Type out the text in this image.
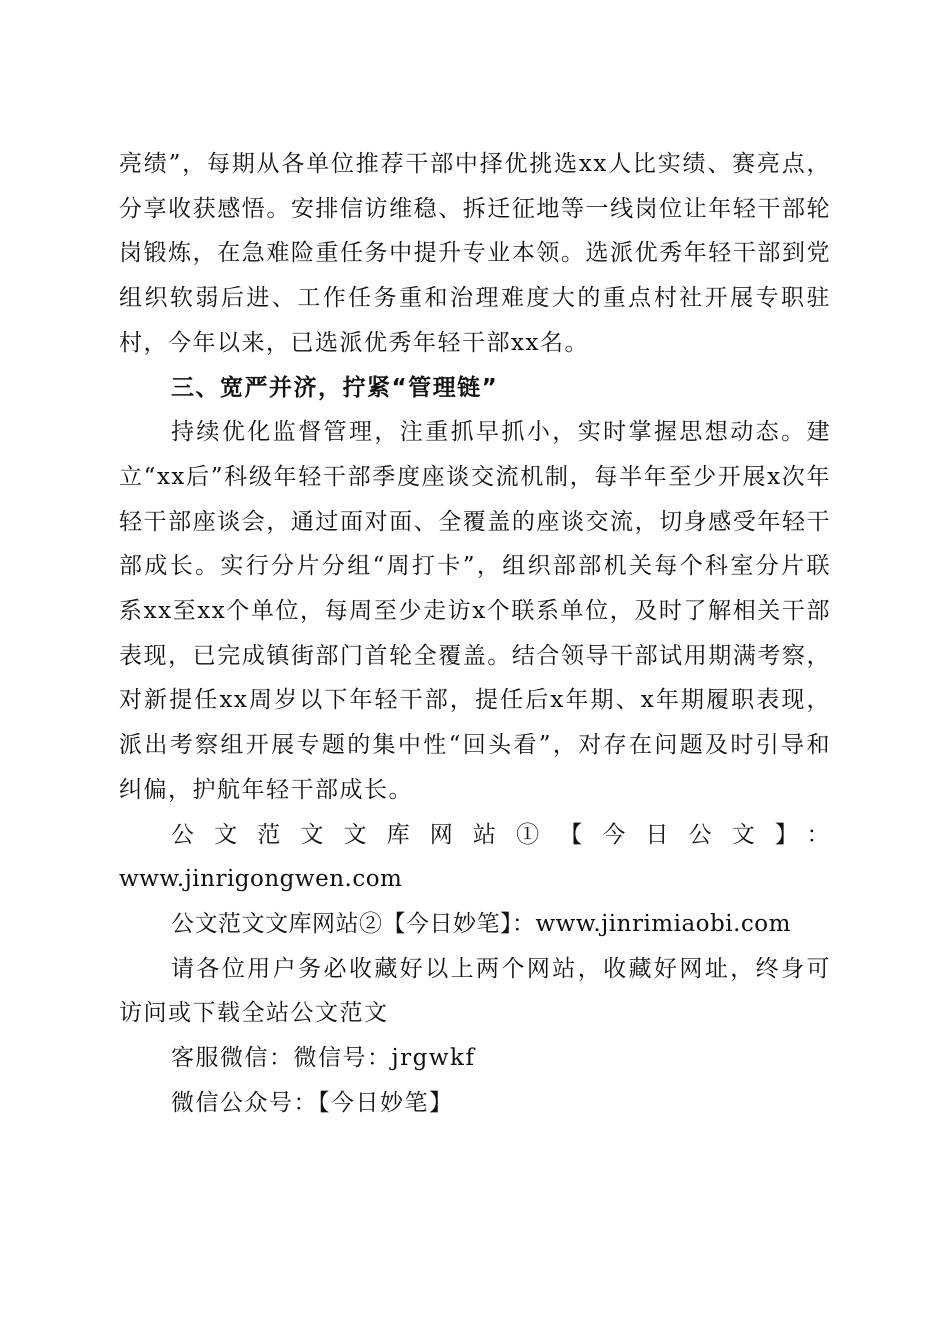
亮绩”，每期从各单位推荐干部中择优挑选xx人比实绩、赛亮点，分享收获感悟。安排信访维稳、拆迁征地等一线岗位让年轻干部轮岗锻炼，在急难险重任务中提升专业本领。选派优秀年轻干部到党组织软弱后进、工作任务重和治理难度大的重点村社开展专职驻村，今年以来，已选派优秀年轻干部xx名。

三、宽严并济，拧紧“管理链”

持续优化监督管理，注重抓早抓小，实时掌握思想动态。建立“xx后”科级年轻干部季度座谈交流机制，每半年至少开展x次年轻干部座谈会，通过面对面、全覆盖的座谈交流，切身感受年轻干部成长。实行分片分组“周打卡”，组织部部机关每个科室分片联系xx至xx个单位，每周至少走访x个联系单位，及时了解相关干部表现，已完成镇街部门首轮全覆盖。结合领导干部试用期满考察，对新提任xx周岁以下年轻干部，提任后x年期、x年期履职表现，派出考察组开展专题的集中性“回头看”，对存在问题及时引导和纠偏，护航年轻干部成长。

公文范文文库网站①【今日公文】：

www.jinrigongwen.com

公文范文文库网站②【今日妙笔】：www.jinrimiaobi.com

请各位用户务必收藏好以上两个网站，收藏好网址，终身可访问或下载全站公文范文

客服微信：微信号：jrgwkf

微信公众号：【今日妙笔】
